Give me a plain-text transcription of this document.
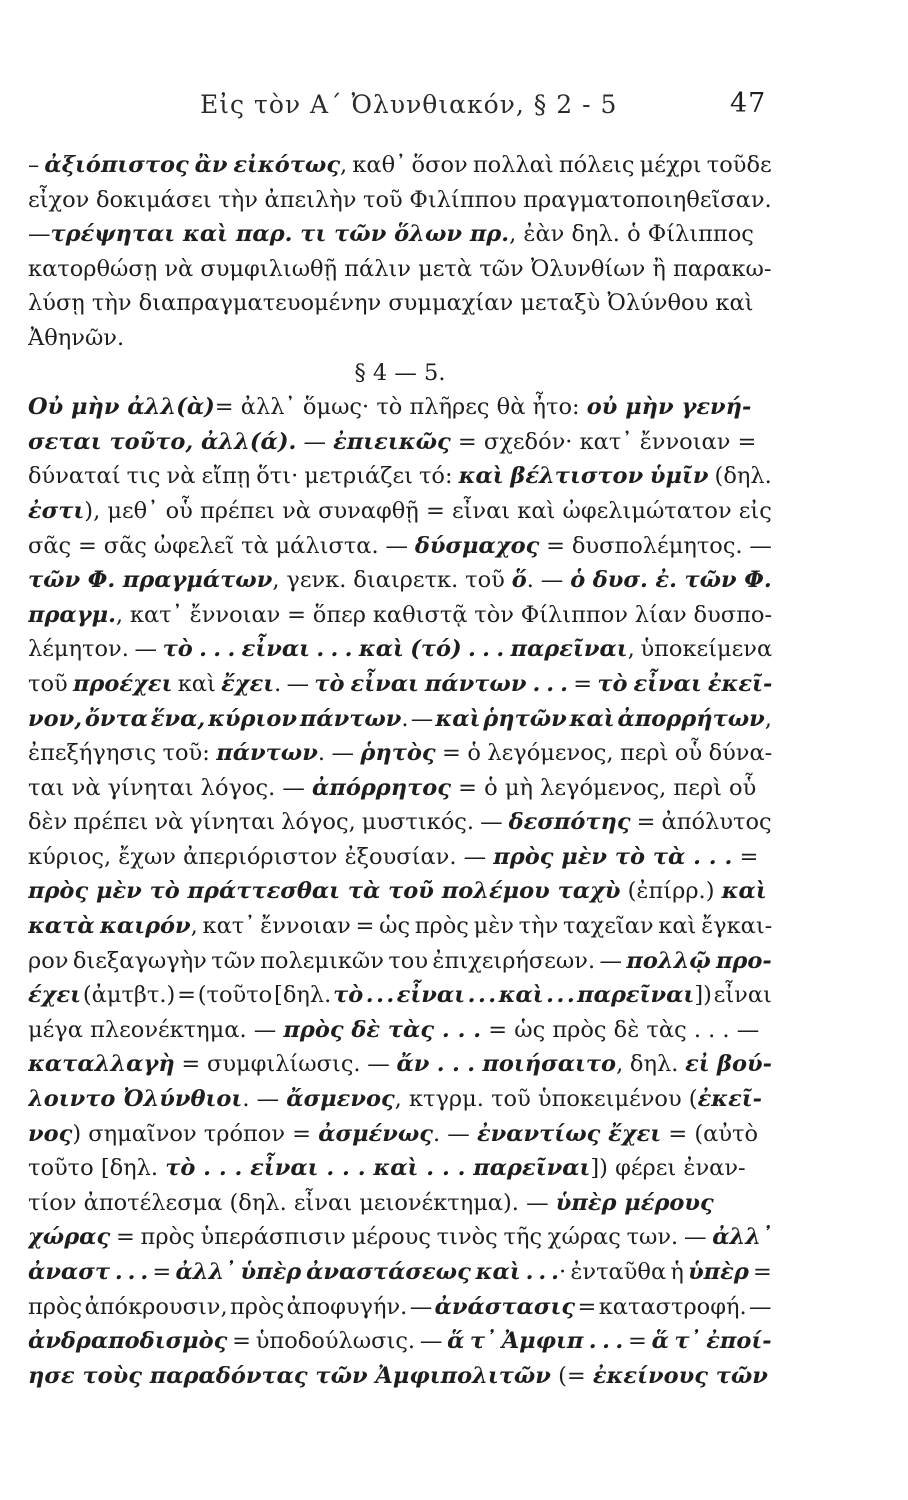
Εἰς τὸν Α΄ Ὀλυνθιακόν, § 2 - 5	47
– ἀξιόπιστος ἂν εἰκότως, καθ᾽ ὅσον πολλαὶ πόλεις μέχρι τοῦδε
εἶχον δοκιμάσει τὴν ἀπειλὴν τοῦ Φιλίππου πραγματοποιηθεῖσαν.
—τρέψηται καὶ παρ. τι τῶν ὅλων πρ., ἐὰν δηλ. ὁ Φίλιππος
κατορθώσῃ νὰ συμφιλιωθῇ πάλιν μετὰ τῶν Ὀλυνθίων ἢ παρακω-
λύσῃ τὴν διαπραγματευομένην συμμαχίαν μεταξὺ Ὀλύνθου καὶ
Ἀθηνῶν.
§ 4 — 5.
Οὐ μὴν ἀλλ(ὰ)= ἀλλ᾽ ὅμως· τὸ πλῆρες θὰ ἦτο: οὐ μὴν γενή-
σεται τοῦτο, ἀλλ(ά). — ἐπιεικῶς = σχεδόν· κατ᾽ ἔννοιαν =
δύναταί τις νὰ εἴπῃ ὅτι· μετριάζει τό: καὶ βέλτιστον ὑμῖν (δηλ.
ἐστι), μεθ᾽ οὗ πρέπει νὰ συναφθῇ = εἶναι καὶ ὠφελιμώτατον εἰς
σᾶς = σᾶς ὠφελεῖ τὰ μάλιστα. — δύσμαχος = δυσπολέμητος. —
τῶν Φ. πραγμάτων, γενκ. διαιρετκ. τοῦ ὅ. — ὁ δυσ. ἐ. τῶν Φ.
πραγμ., κατ᾽ ἔννοιαν = ὅπερ καθιστᾷ τὸν Φίλιππον λίαν δυσπο-
λέμητον. — τὸ . . . εἶναι . . . καὶ (τό) . . . παρεῖναι, ὑποκείμενα
τοῦ προέχει καὶ ἔχει. — τὸ εἶναι πάντων . . . = τὸ εἶναι ἐκεῖ-
νον, ὄντα ἕνα, κύριον πάντων. — καὶ ῥητῶν καὶ ἀπορρήτων,
ἐπεξήγησις τοῦ: πάντων. — ῥητὸς = ὁ λεγόμενος, περὶ οὗ δύνα-
ται νὰ γίνηται λόγος. — ἀπόρρητος = ὁ μὴ λεγόμενος, περὶ οὗ
δὲν πρέπει νὰ γίνηται λόγος, μυστικός. — δεσπότης = ἀπόλυτος
κύριος, ἔχων ἀπεριόριστον ἐξουσίαν. — πρὸς μὲν τὸ τὰ . . . =
πρὸς μὲν τὸ πράττεσθαι τὰ τοῦ πολέμου ταχὺ (ἐπίρρ.) καὶ
κατὰ καιρόν, κατ᾽ ἔννοιαν = ὡς πρὸς μὲν τὴν ταχεῖαν καὶ ἔγκαι-
ρον διεξαγωγὴν τῶν πολεμικῶν του ἐπιχειρήσεων. — πολλῷ προ-
έχει (ἀμτβτ.) = (τοῦτο [δηλ. τὸ . . . εἶναι . . . καὶ . . . παρεῖναι]) εἶναι
μέγα πλεονέκτημα. — πρὸς δὲ τὰς . . . = ὡς πρὸς δὲ τὰς . . . —
καταλλαγὴ = συμφιλίωσις. — ἄν . . . ποιήσαιτο, δηλ. εἰ βού-
λοιντο Ὀλύνθιοι. — ἄσμενος, κτγρμ. τοῦ ὑποκειμένου (ἐκεῖ-
νος) σημαῖνον τρόπον = ἀσμένως. — ἐναντίως ἔχει = (αὐτὸ
τοῦτο [δηλ. τὸ . . . εἶναι . . . καὶ . . . παρεῖναι]) φέρει ἐναν-
τίον ἀποτέλεσμα (δηλ. εἶναι μειονέκτημα). — ὑπὲρ μέρους
χώρας = πρὸς ὑπεράσπισιν μέρους τινὸς τῆς χώρας των. — ἀλλ᾽
ἀναστ . . . = ἀλλ᾽ ὑπὲρ ἀναστάσεως καὶ . . .· ἐνταῦθα ἡ ὑπὲρ =
πρὸς ἀπόκρουσιν, πρὸς ἀποφυγήν. — ἀνάστασις = καταστροφή. —
ἀνδραποδισμὸς = ὑποδούλωσις. — ἅ τ᾽ Ἀμφιπ . . . = ἅ τ᾽ ἐποί-
ησε τοὺς παραδόντας τῶν Ἀμφιπολιτῶν (= ἐκείνους τῶν
